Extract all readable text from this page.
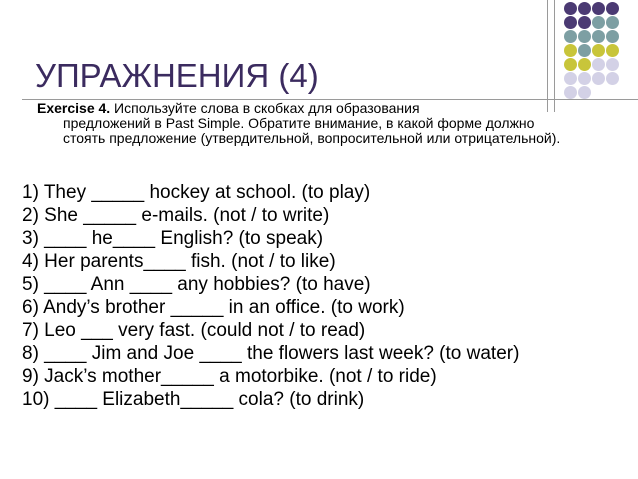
УПРАЖНЕНИЯ (4)
Exercise 4. Используйте слова в скобках для образования
предложений в Past Simple. Обратите внимание, в какой форме должно стоять предложение (утвердительной, вопросительной или отрицательной).
1) They _____ hockey at school. (to play)
2) She _____ e-mails. (not / to write)
3) ____ he____ English? (to speak)
4) Her parents____ fish. (not / to like)
5) ____ Ann ____ any hobbies? (to have)
6) Andy’s brother _____ in an office. (to work)
7) Leo ___ very fast. (could not / to read)
8) ____ Jim and Joe ____ the flowers last week? (to water)
9) Jack’s mother_____ a motorbike. (not / to ride)
10) ____ Elizabeth_____ cola? (to drink)
